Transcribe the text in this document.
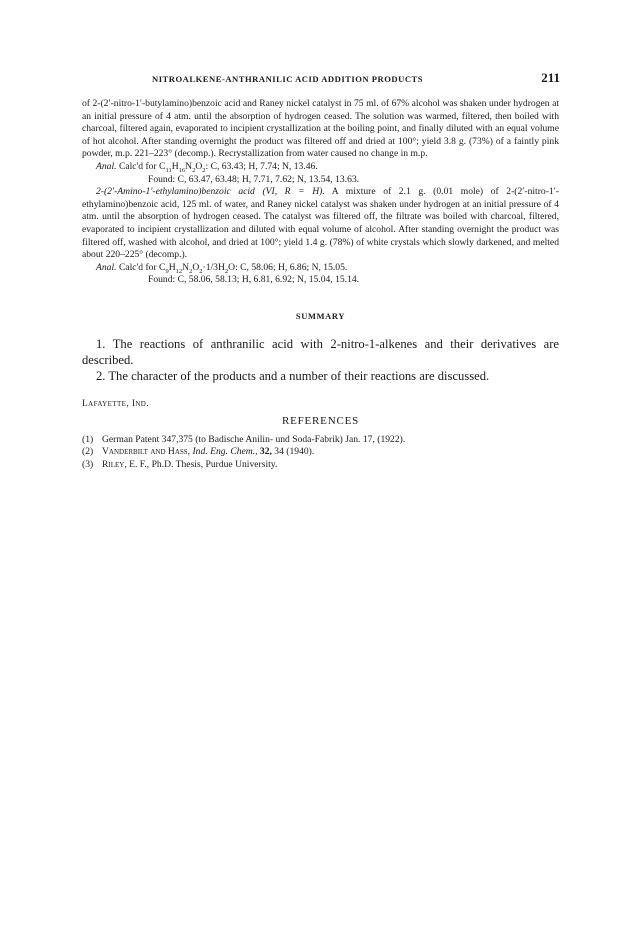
NITROALKENE-ANTHRANILIC ACID ADDITION PRODUCTS	211

of 2-(2′-nitro-1′-butylamino)benzoic acid and Raney nickel catalyst in 75 ml. of 67% alcohol was shaken under hydrogen at an initial pressure of 4 atm. until the absorption of hydrogen ceased. The solution was warmed, filtered, then boiled with charcoal, filtered again, evaporated to incipient crystallization at the boiling point, and finally diluted with an equal volume of hot alcohol. After standing overnight the product was filtered off and dried at 100°; yield 3.8 g. (73%) of a faintly pink powder, m.p. 221–223° (decomp.). Recrystallization from water caused no change in m.p.

Anal. Calc'd for $C_{11}H_{16}N_2O_2$: C, 63.43; H, 7.74; N, 13.46.
Found: C, 63.47, 63.48; H, 7.71, 7.62; N, 13.54, 13.63.

2-(2′-Amino-1′-ethylamino)benzoic acid (VI, R = H). A mixture of 2.1 g. (0.01 mole) of 2-(2′-nitro-1′-ethylamino)benzoic acid, 125 ml. of water, and Raney nickel catalyst was shaken under hydrogen at an initial pressure of 4 atm. until the absorption of hydrogen ceased. The catalyst was filtered off, the filtrate was boiled with charcoal, filtered, evaporated to incipient crystallization and diluted with equal volume of alcohol. After standing overnight the product was filtered off, washed with alcohol, and dried at 100°; yield 1.4 g. (78%) of white crystals which slowly darkened, and melted about 220–225° (decomp.).

Anal. Calc'd for $C_9H_{12}N_2O_2\cdot 1/3H_2O$: C, 58.06; H, 6.86; N, 15.05.
Found: C, 58.06, 58.13; H, 6.81, 6.92; N, 15.04, 15.14.
SUMMARY

1. The reactions of anthranilic acid with 2-nitro-1-alkenes and their derivatives are described.

2. The character of the products and a number of their reactions are discussed.

Lafayette, Ind.
REFERENCES
(1) German Patent 347,375 (to Badische Anilin- und Soda-Fabrik) Jan. 17, (1922).
(2) Vanderbilt and Hass, Ind. Eng. Chem., 32, 34 (1940).
(3) Riley, E. F., Ph.D. Thesis, Purdue University.
